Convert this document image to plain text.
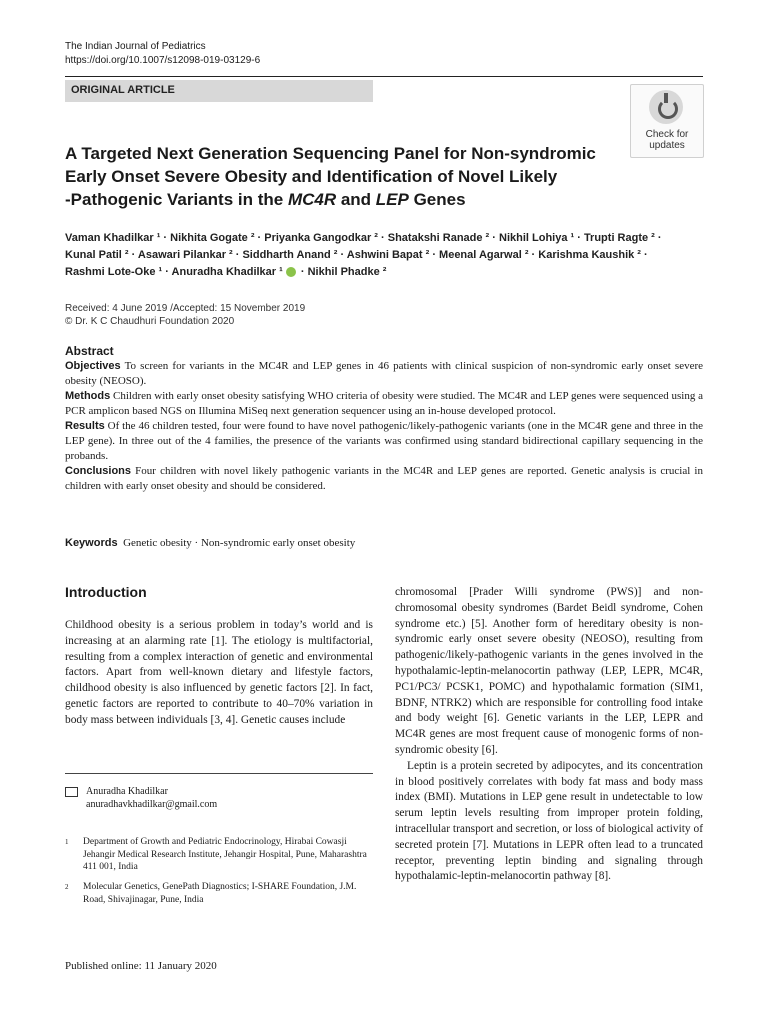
The Indian Journal of Pediatrics
https://doi.org/10.1007/s12098-019-03129-6
ORIGINAL ARTICLE
Check for
updates
A Targeted Next Generation Sequencing Panel for Non-syndromic
Early Onset Severe Obesity and Identification of Novel Likely
-Pathogenic Variants in the MC4R and LEP Genes
Vaman Khadilkar ¹ · Nikhita Gogate ² · Priyanka Gangodkar ² · Shatakshi Ranade ² · Nikhil Lohiya ¹ · Trupti Ragte ² ·
Kunal Patil ² · Asawari Pilankar ² · Siddharth Anand ² · Ashwini Bapat ² · Meenal Agarwal ² · Karishma Kaushik ² ·
Rashmi Lote-Oke ¹ · Anuradha Khadilkar ¹ · Nikhil Phadke ²
Received: 4 June 2019 /Accepted: 15 November 2019
© Dr. K C Chaudhuri Foundation 2020
Abstract

Objectives To screen for variants in the MC4R and LEP genes in 46 patients with clinical suspicion of non-syndromic early onset severe obesity (NEOSO).

Methods Children with early onset obesity satisfying WHO criteria of obesity were studied. The MC4R and LEP genes were sequenced using a PCR amplicon based NGS on Illumina MiSeq next generation sequencer using an in-house developed protocol.

Results Of the 46 children tested, four were found to have novel pathogenic/likely-pathogenic variants (one in the MC4R gene and three in the LEP gene). In three out of the 4 families, the presence of the variants was confirmed using standard bidirectional capillary sequencing in the probands.

Conclusions Four children with novel likely pathogenic variants in the MC4R and LEP genes are reported. Genetic analysis is crucial in children with early onset obesity and should be considered.

Keywords Genetic obesity · Non-syndromic early onset obesity
Introduction

Childhood obesity is a serious problem in today’s world and is increasing at an alarming rate [1]. The etiology is multifactorial, resulting from a complex interaction of genetic and environmental factors. Apart from well-known dietary and lifestyle factors, childhood obesity is also influenced by genetic factors [2]. In fact, genetic factors are reported to contribute to 40–70% variation in body mass between individuals [3, 4]. Genetic causes include

chromosomal [Prader Willi syndrome (PWS)] and non-chromosomal obesity syndromes (Bardet Beidl syndrome, Cohen syndrome etc.) [5]. Another form of hereditary obesity is non-syndromic early onset severe obesity (NEOSO), resulting from pathogenic/likely-pathogenic variants in the genes involved in the hypothalamic-leptin-melanocortin pathway (LEP, LEPR, MC4R, PC1/PC3/ PCSK1, POMC) and hypothalamic formation (SIM1, BDNF, NTRK2) which are responsible for controlling food intake and body weight [6]. Genetic variants in the LEP, LEPR and MC4R genes are most frequent cause of monogenic forms of non-syndromic obesity [6].

Leptin is a protein secreted by adipocytes, and its concentration in blood positively correlates with body fat mass and body mass index (BMI). Mutations in LEP gene result in undetectable to low serum leptin levels resulting from improper protein folding, intracellular transport and secretion, or loss of biological activity of secreted protein [7]. Mutations in LEPR often lead to a truncated receptor, preventing leptin binding and signaling through hypothalamic-leptin-melanocortin pathway [8].

Anuradha Khadilkar
anuradhavkhadilkar@gmail.com
1 Department of Growth and Pediatric Endocrinology, Hirabai Cowasji Jehangir Medical Research Institute, Jehangir Hospital, Pune, Maharashtra 411 001, India
2 Molecular Genetics, GenePath Diagnostics; I-SHARE Foundation, J.M. Road, Shivajinagar, Pune, India
Published online: 11 January 2020
